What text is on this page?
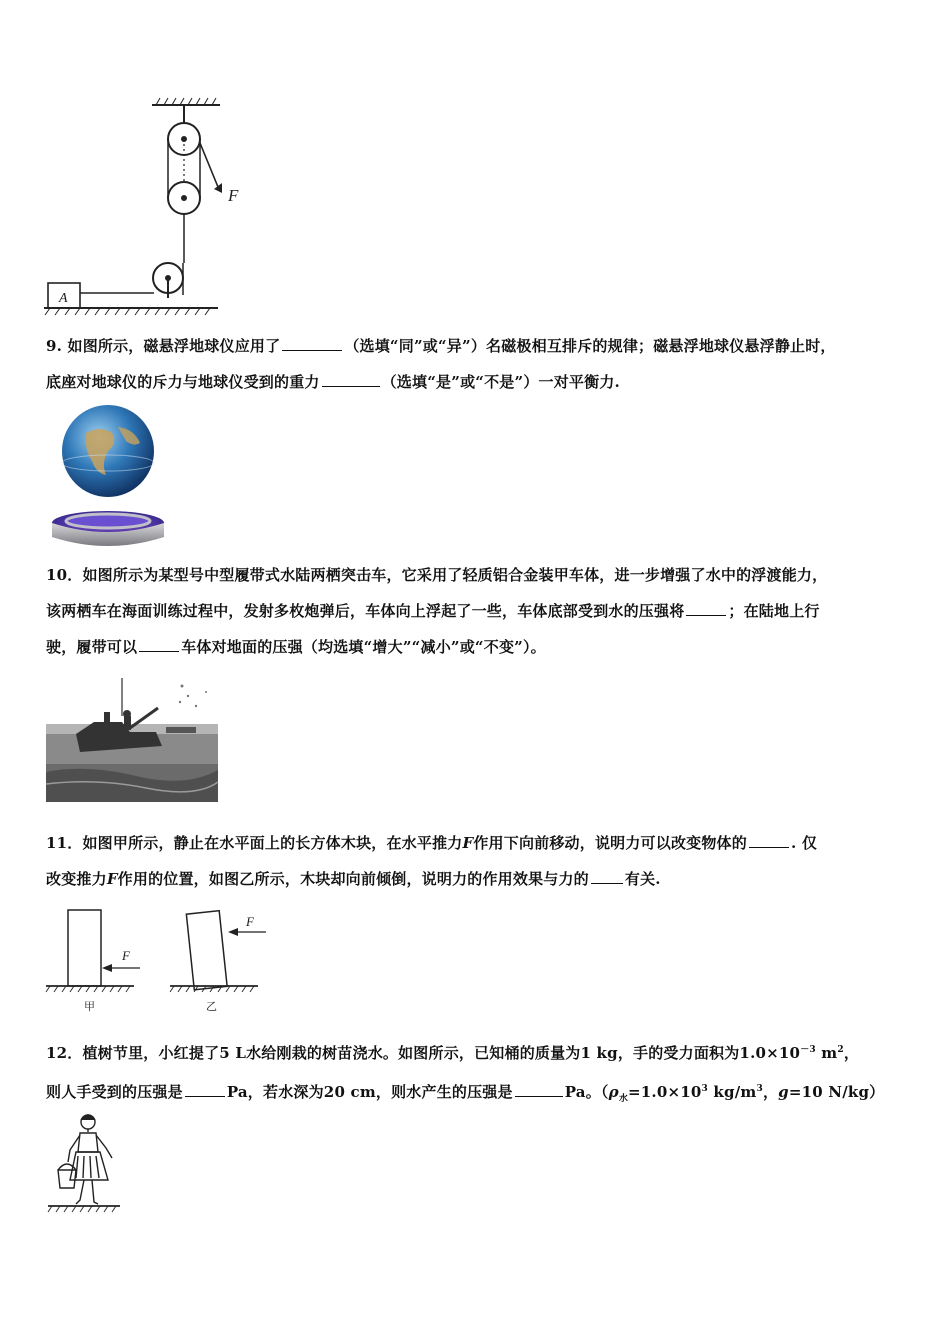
F
A

9. 如图所示，磁悬浮地球仪应用了	（选填“同”或“异”）名磁极相互排斥的规律；磁悬浮地球仪悬浮静止时，

底座对地球仪的斥力与地球仪受到的重力	（选填“是”或“不是”）一对平衡力.

10．如图所示为某型号中型履带式水陆两栖突击车，它采用了轻质铝合金装甲车体，进一步增强了水中的浮渡能力，

该两栖车在海面训练过程中，发射多枚炮弹后，车体向上浮起了一些，车体底部受到水的压强将	；在陆地上行

驶，履带可以	车体对地面的压强（均选填“增大”“减小”或“不变”）。

11．如图甲所示，静止在水平面上的长方体木块，在水平推力F作用下向前移动，说明力可以改变物体的	. 仅

改变推力F作用的位置，如图乙所示，木块却向前倾倒，说明力的作用效果与力的 有关.

F
甲
F
乙

12．植树节里，小红提了5 L水给刚栽的树苗浇水。如图所示，已知桶的质量为1 kg，手的受力面积为$1.0\times 10^{-3}$ $m^2$，

则人手受到的压强是	Pa，若水深为20 cm，则水产生的压强是	Pa。（$\rho_水=1.0\times 10^3$ $kg/m^3$，g=10 N/kg）
